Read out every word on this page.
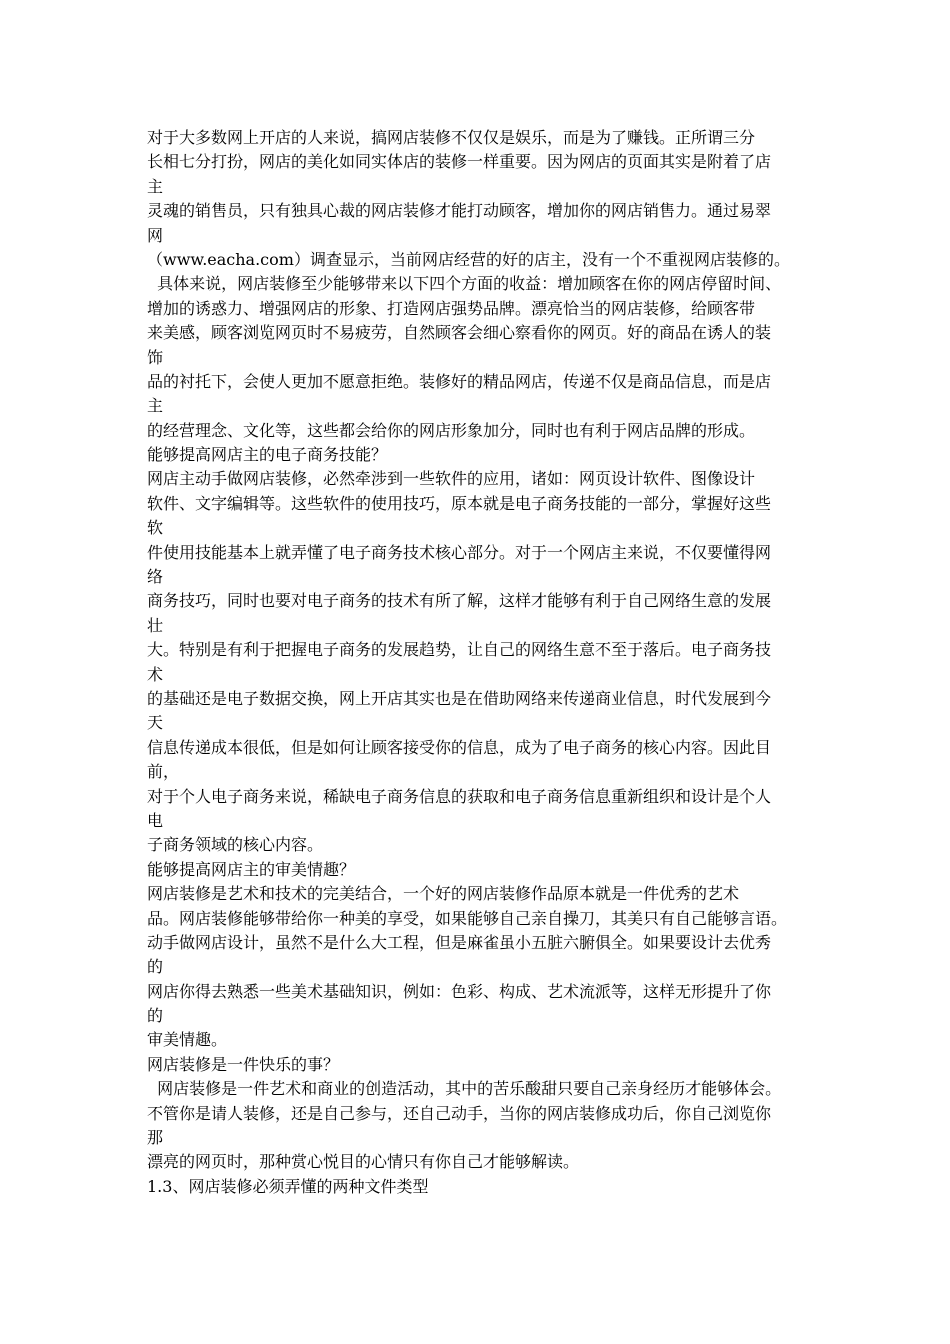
对于大多数网上开店的人来说，搞网店装修不仅仅是娱乐，而是为了赚钱。正所谓三分
长相七分打扮，网店的美化如同实体店的装修一样重要。因为网店的页面其实是附着了店
主
灵魂的销售员，只有独具心裁的网店装修才能打动顾客，增加你的网店销售力。通过易翠
网
（www.eacha.com）调查显示，当前网店经营的好的店主，没有一个不重视网店装修的。
具体来说，网店装修至少能够带来以下四个方面的收益：增加顾客在你的网店停留时间、
增加的诱惑力、增强网店的形象、打造网店强势品牌。漂亮恰当的网店装修，给顾客带
来美感，顾客浏览网页时不易疲劳，自然顾客会细心察看你的网页。好的商品在诱人的装
饰
品的衬托下，会使人更加不愿意拒绝。装修好的精品网店，传递不仅是商品信息，而是店
主
的经营理念、文化等，这些都会给你的网店形象加分，同时也有利于网店品牌的形成。
能够提高网店主的电子商务技能？
网店主动手做网店装修，必然牵涉到一些软件的应用，诸如：网页设计软件、图像设计
软件、文字编辑等。这些软件的使用技巧，原本就是电子商务技能的一部分，掌握好这些
软
件使用技能基本上就弄懂了电子商务技术核心部分。对于一个网店主来说，不仅要懂得网
络
商务技巧，同时也要对电子商务的技术有所了解，这样才能够有利于自己网络生意的发展
壮
大。特别是有利于把握电子商务的发展趋势，让自己的网络生意不至于落后。电子商务技
术
的基础还是电子数据交换，网上开店其实也是在借助网络来传递商业信息，时代发展到今
天
信息传递成本很低，但是如何让顾客接受你的信息，成为了电子商务的核心内容。因此目
前，
对于个人电子商务来说，稀缺电子商务信息的获取和电子商务信息重新组织和设计是个人
电
子商务领域的核心内容。
能够提高网店主的审美情趣？
网店装修是艺术和技术的完美结合，一个好的网店装修作品原本就是一件优秀的艺术
品。网店装修能够带给你一种美的享受，如果能够自己亲自操刀，其美只有自己能够言语。
动手做网店设计，虽然不是什么大工程，但是麻雀虽小五脏六腑俱全。如果要设计去优秀
的
网店你得去熟悉一些美术基础知识，例如：色彩、构成、艺术流派等，这样无形提升了你
的
审美情趣。
网店装修是一件快乐的事？
网店装修是一件艺术和商业的创造活动，其中的苦乐酸甜只要自己亲身经历才能够体会。
不管你是请人装修，还是自己参与，还自己动手，当你的网店装修成功后，你自己浏览你
那
漂亮的网页时，那种赏心悦目的心情只有你自己才能够解读。
1.3、网店装修必须弄懂的两种文件类型
